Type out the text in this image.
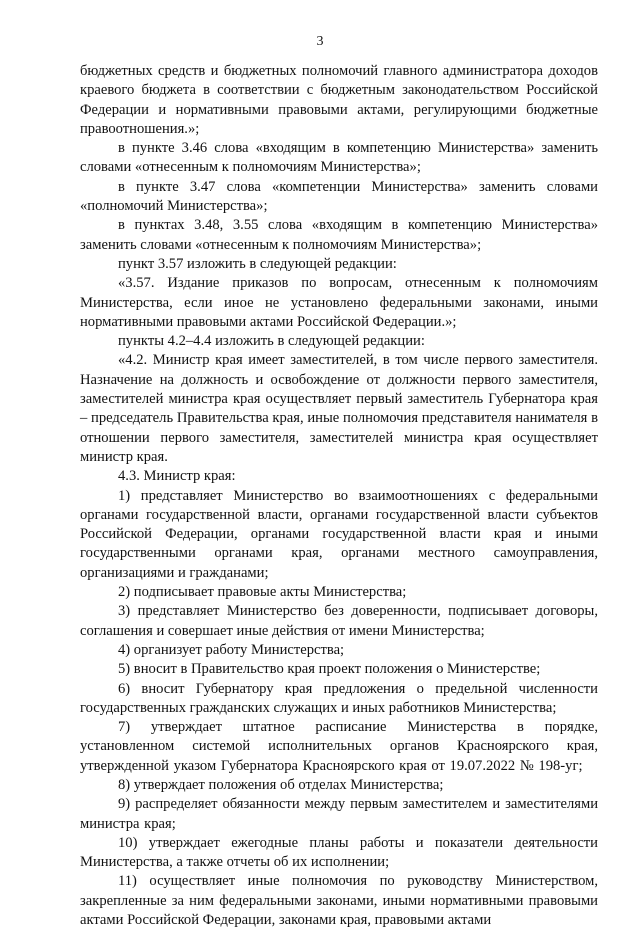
3

бюджетных средств и бюджетных полномочий главного администратора доходов краевого бюджета в соответствии с бюджетным законодательством Российской Федерации и нормативными правовыми актами, регулирующими бюджетные правоотношения.»;

в пункте 3.46 слова «входящим в компетенцию Министерства» заменить словами «отнесенным к полномочиям Министерства»;

в пункте 3.47 слова «компетенции Министерства» заменить словами «полномочий Министерства»;

в пунктах 3.48, 3.55 слова «входящим в компетенцию Министерства» заменить словами «отнесенным к полномочиям Министерства»;

пункт 3.57 изложить в следующей редакции:

«3.57. Издание приказов по вопросам, отнесенным к полномочиям Министерства, если иное не установлено федеральными законами, иными нормативными правовыми актами Российской Федерации.»;

пункты 4.2–4.4 изложить в следующей редакции:

«4.2. Министр края имеет заместителей, в том числе первого заместителя. Назначение на должность и освобождение от должности первого заместителя, заместителей министра края осуществляет первый заместитель Губернатора края – председатель Правительства края, иные полномочия представителя нанимателя в отношении первого заместителя, заместителей министра края осуществляет министр края.

4.3. Министр края:

1) представляет Министерство во взаимоотношениях с федеральными органами государственной власти, органами государственной власти субъектов Российской Федерации, органами государственной власти края и иными государственными органами края, органами местного самоуправления, организациями и гражданами;

2) подписывает правовые акты Министерства;

3) представляет Министерство без доверенности, подписывает договоры, соглашения и совершает иные действия от имени Министерства;

4) организует работу Министерства;

5) вносит в Правительство края проект положения о Министерстве;

6) вносит Губернатору края предложения о предельной численности государственных гражданских служащих и иных работников Министерства;

7) утверждает штатное расписание Министерства в порядке, установленном системой исполнительных органов Красноярского края, утвержденной указом Губернатора Красноярского края от 19.07.2022 № 198-уг;

8) утверждает положения об отделах Министерства;

9) распределяет обязанности между первым заместителем и заместителями министра края;

10) утверждает ежегодные планы работы и показатели деятельности Министерства, а также отчеты об их исполнении;

11) осуществляет иные полномочия по руководству Министерством, закрепленные за ним федеральными законами, иными нормативными правовыми актами Российской Федерации, законами края, правовыми актами
